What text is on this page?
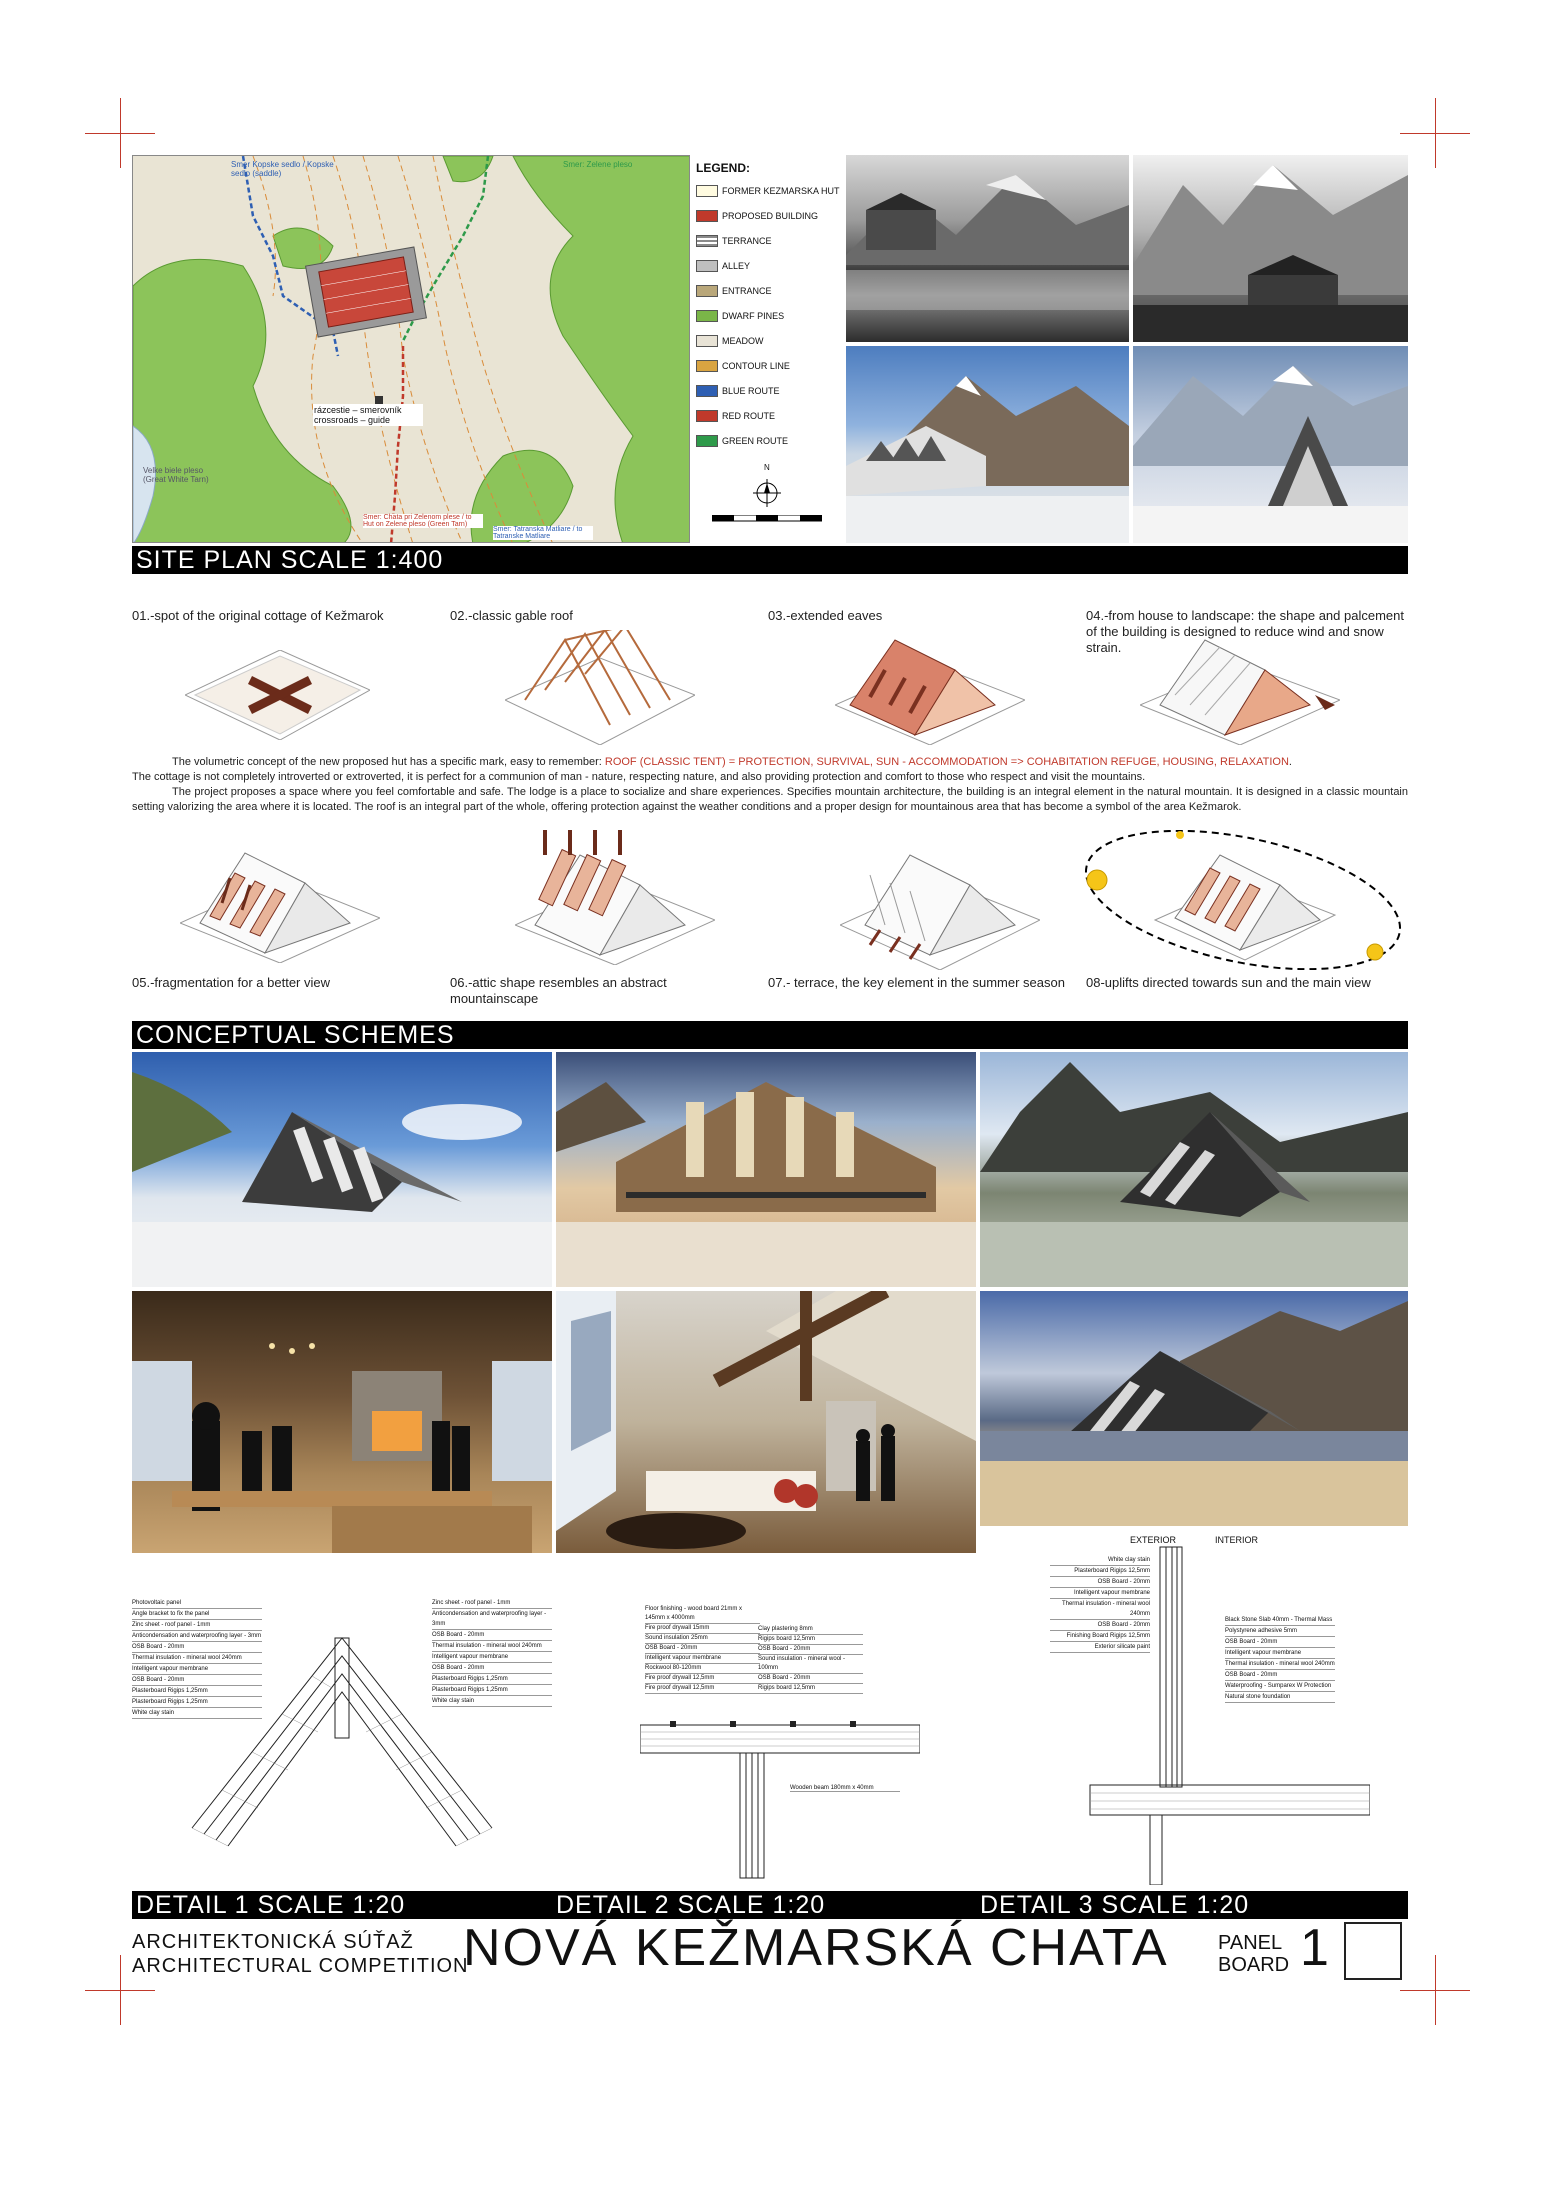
Smer Kopske sedlo / Kopske sedlo (saddle)
Smer: Zelene pleso
rázcestie – smerovník crossroads – guide
Velke biele pleso (Great White Tarn)
Smer: Chata pri Zelenom plese / to Hut on Zelene pleso (Green Tarn)
Smer: Tatranska Matliare / to Tatranske Matliare
LEGEND:
FORMER KEZMARSKA HUT
PROPOSED BUILDING
TERRANCE
ALLEY
ENTRANCE
DWARF PINES
MEADOW
CONTOUR LINE
BLUE ROUTE
RED ROUTE
GREEN ROUTE
N
SITE PLAN SCALE 1:400
01.-spot of the original cottage of Kežmarok	02.-classic gable roof	03.-extended eaves	04.-from house to landscape: the shape and palcement of the building is designed to reduce wind and snow strain.
The volumetric concept of the new proposed hut has a specific mark, easy to remember: ROOF (CLASSIC TENT) = PROTECTION, SURVIVAL, SUN - ACCOMMODATION => COHABITATION REFUGE, HOUSING, RELAXATION.
The cottage is not completely introverted or extroverted, it is perfect for a communion of man - nature, respecting nature, and also providing protection and comfort to those who respect and visit the mountains.
The project proposes a space where you feel comfortable and safe. The lodge is a place to socialize and share experiences. Specifies mountain architecture, the building is an integral element in the natural mountain. It is designed in a classic mountain setting valorizing the area where it is located. The roof is an integral part of the whole, offering protection against the weather conditions and a proper design for mountainous area that has become a symbol of the area Kežmarok.
05.-fragmentation for a better view	06.-attic shape resembles an abstract mountainscape
07.- terrace, the key element in the summer season 08-uplifts directed towards sun and the main view
CONCEPTUAL SCHEMES
Photovoltaic panel
Angle bracket to fix the panel
Zinc sheet - roof panel - 1mm
Anticondensation and waterproofing layer - 3mm
OSB Board - 20mm
Thermal insulation - mineral wool 240mm
Intelligent vapour membrane
OSB Board - 20mm
Plasterboard Rigips 1,25mm
Plasterboard Rigips 1,25mm
White clay stain
Zinc sheet - roof panel - 1mm
Anticondensation and waterproofing layer - 3mm
OSB Board - 20mm
Thermal insulation - mineral wool 240mm
Intelligent vapour membrane
OSB Board - 20mm
Plasterboard Rigips 1,25mm
Plasterboard Rigips 1,25mm
White clay stain
Floor finishing - wood board 21mm x 145mm x 4000mm
Fire proof drywall 15mm
Sound insulation 25mm
OSB Board - 20mm
Intelligent vapour membrane
Rockwool 80-120mm
Fire proof drywall 12,5mm
Fire proof drywall 12,5mm
Clay plastering 8mm
Rigips board 12,5mm
OSB Board - 20mm
Sound insulation - mineral wool - 100mm
OSB Board - 20mm
Rigips board 12,5mm
Wooden beam 180mm x 40mm
EXTERIOR	INTERIOR
White clay stain
Plasterboard Rigips 12,5mm
OSB Board - 20mm
Intelligent vapour membrane
Thermal insulation - mineral wool 240mm
OSB Board - 20mm
Finishing Board Rigips 12,5mm
Exterior silicate paint
Black Stone Slab 40mm - Thermal Mass
Polystyrene adhesive 5mm
OSB Board - 20mm
Intelligent vapour membrane
Thermal insulation - mineral wool 240mm
OSB Board - 20mm
Waterproofing - Sumparex W Protection
Natural stone foundation
DETAIL 1 SCALE 1:20	DETAIL 2 SCALE 1:20	DETAIL 3 SCALE 1:20
ARCHITEKTONICKÁ SÚŤAŽ
ARCHITECTURAL COMPETITION
NOVÁ KEŽMARSKÁ CHATA PANEL
BOARD 1
